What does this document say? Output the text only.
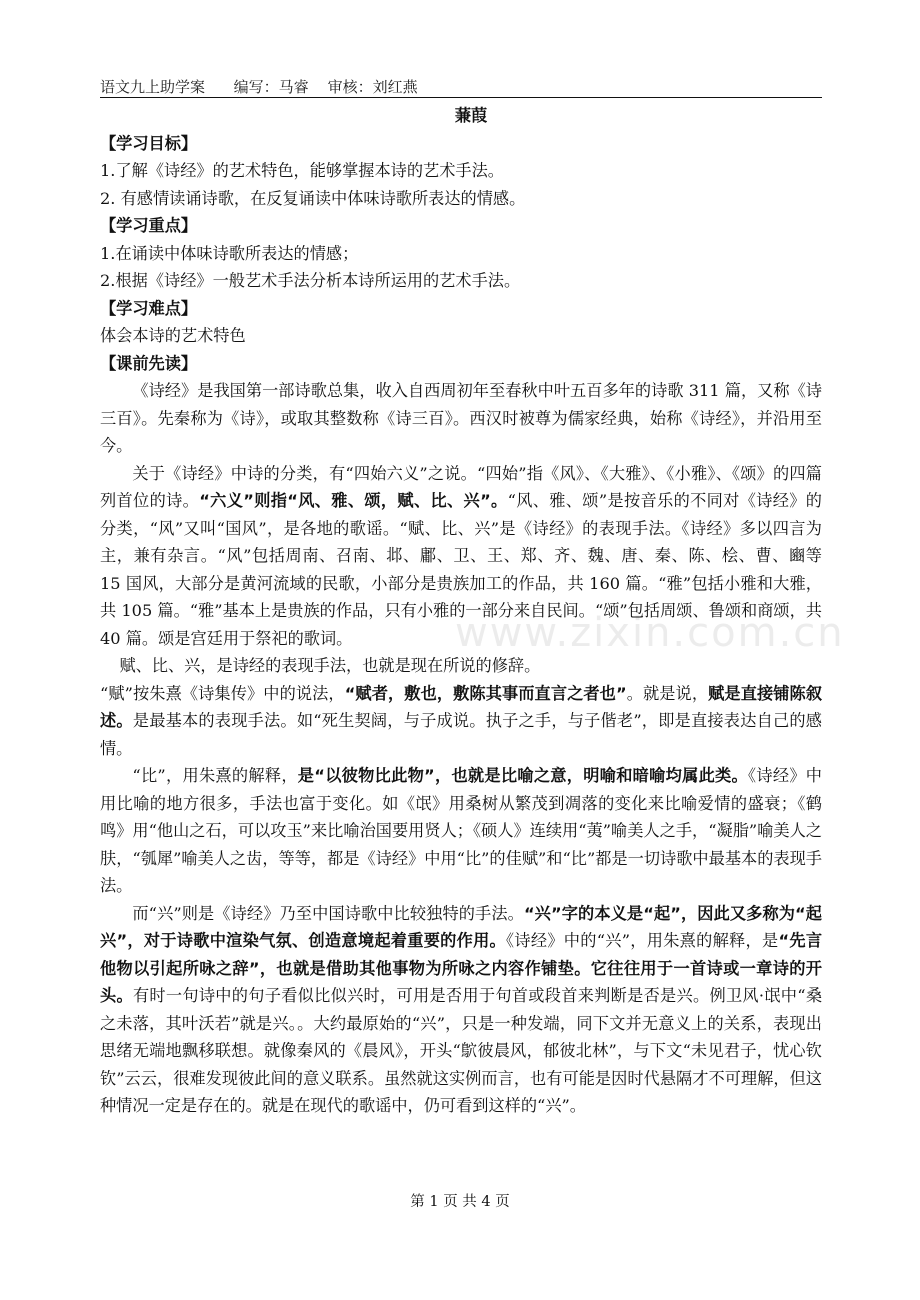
语文九上助学案      编写：马睿    审核：刘红燕
www.zixin.com.cn
蒹葭
【学习目标】
1.了解《诗经》的艺术特色，能够掌握本诗的艺术手法。
2. 有感情读诵诗歌，在反复诵读中体味诗歌所表达的情感。
【学习重点】
1.在诵读中体味诗歌所表达的情感；
2.根据《诗经》一般艺术手法分析本诗所运用的艺术手法。
【学习难点】
体会本诗的艺术特色
【课前先读】

《诗经》是我国第一部诗歌总集，收入自西周初年至春秋中叶五百多年的诗歌 311 篇，又称《诗三百》。先秦称为《诗》，或取其整数称《诗三百》。西汉时被尊为儒家经典，始称《诗经》，并沿用至今。

关于《诗经》中诗的分类，有“四始六义”之说。“四始”指《风》、《大雅》、《小雅》、《颂》的四篇列首位的诗。“六义”则指“风、雅、颂，赋、比、兴”。“风、雅、颂”是按音乐的不同对《诗经》的分类，“风”又叫“国风”，是各地的歌谣。“赋、比、兴”是《诗经》的表现手法。《诗经》多以四言为主，兼有杂言。“风”包括周南、召南、邶、鄘、卫、王、郑、齐、魏、唐、秦、陈、桧、曹、豳等 15 国风，大部分是黄河流域的民歌，小部分是贵族加工的作品，共 160 篇。“雅”包括小雅和大雅，共 105 篇。“雅”基本上是贵族的作品，只有小雅的一部分来自民间。“颂”包括周颂、鲁颂和商颂，共 40 篇。颂是宫廷用于祭祀的歌词。

赋、比、兴，是诗经的表现手法，也就是现在所说的修辞。

“赋”按朱熹《诗集传》中的说法，“赋者，敷也，敷陈其事而直言之者也”。就是说，赋是直接铺陈叙述。是最基本的表现手法。如“死生契阔，与子成说。执子之手，与子偕老”，即是直接表达自己的感情。

“比”，用朱熹的解释，是“以彼物比此物”，也就是比喻之意，明喻和暗喻均属此类。《诗经》中用比喻的地方很多，手法也富于变化。如《氓》用桑树从繁茂到凋落的变化来比喻爱情的盛衰；《鹤鸣》用“他山之石，可以攻玉”来比喻治国要用贤人；《硕人》连续用“荑”喻美人之手，“凝脂”喻美人之肤，“瓠犀”喻美人之齿，等等，都是《诗经》中用“比”的佳赋”和“比”都是一切诗歌中最基本的表现手法。

而“兴”则是《诗经》乃至中国诗歌中比较独特的手法。“兴”字的本义是“起”，因此又多称为“起兴”，对于诗歌中渲染气氛、创造意境起着重要的作用。《诗经》中的“兴”，用朱熹的解释，是“先言他物以引起所咏之辞”，也就是借助其他事物为所咏之内容作铺垫。它往往用于一首诗或一章诗的开头。有时一句诗中的句子看似比似兴时，可用是否用于句首或段首来判断是否是兴。例卫风·氓中“桑之未落，其叶沃若”就是兴。。大约最原始的“兴”，只是一种发端，同下文并无意义上的关系，表现出思绪无端地飘移联想。就像秦风的《晨风》，开头“鴥彼晨风，郁彼北林”，与下文“未见君子，忧心钦钦”云云，很难发现彼此间的意义联系。虽然就这实例而言，也有可能是因时代悬隔才不可理解，但这种情况一定是存在的。就是在现代的歌谣中，仍可看到这样的“兴”。

第 1 页 共 4 页
